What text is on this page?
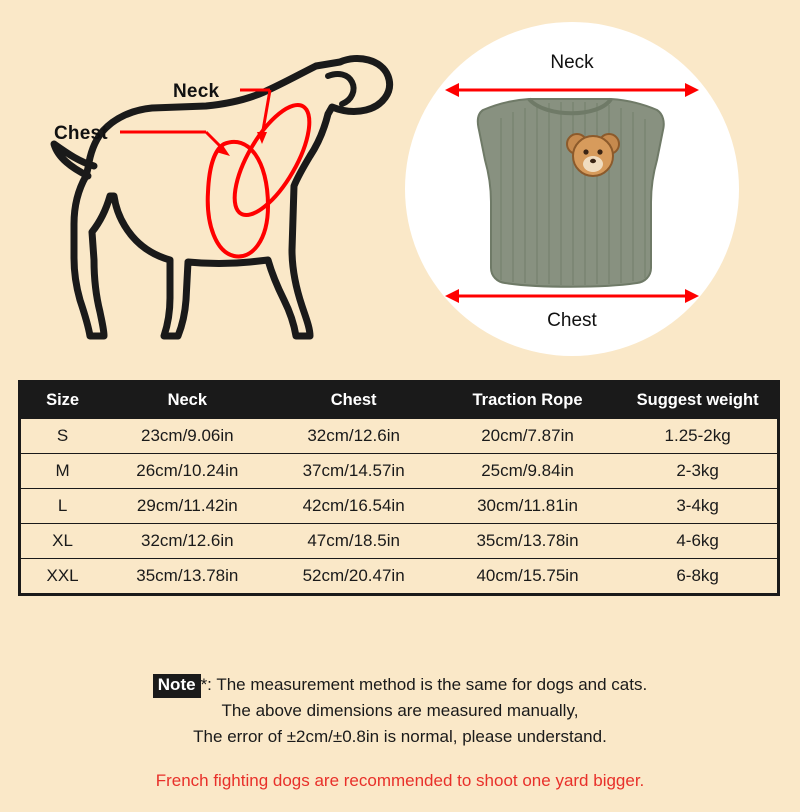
Neck
Chest
Neck
Chest
Size	Neck	Chest	Traction Rope	Suggest weight
S	23cm/9.06in	32cm/12.6in	20cm/7.87in	1.25-2kg
M	26cm/10.24in	37cm/14.57in	25cm/9.84in	2-3kg
L	29cm/11.42in	42cm/16.54in	30cm/11.81in	3-4kg
XL	32cm/12.6in	47cm/18.5in	35cm/13.78in	4-6kg
XXL	35cm/13.78in	52cm/20.47in	40cm/15.75in	6-8kg

Note *: The measurement method is the same for dogs and cats.

The above dimensions are measured manually,

The error of ±2cm/±0.8in is normal, please understand.

French fighting dogs are recommended to shoot one yard bigger.
